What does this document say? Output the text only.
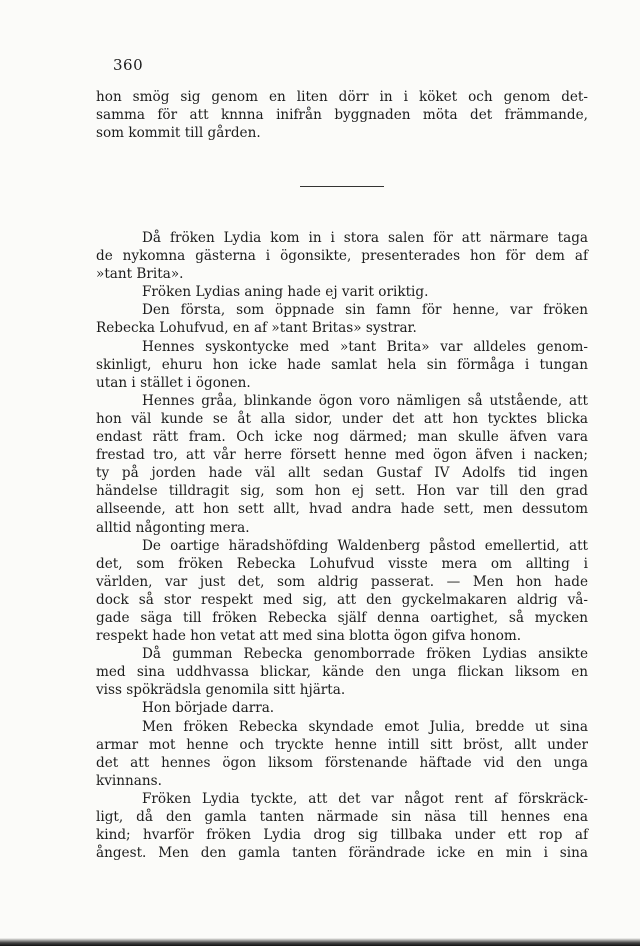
360
hon smög sig genom en liten dörr in i köket och genom det-
samma för att knnna inifrån byggnaden möta det främmande,
som kommit till gården.
Då fröken Lydia kom in i stora salen för att närmare taga
de nykomna gästerna i ögonsikte, presenterades hon för dem af
»tant Brita».
Fröken Lydias aning hade ej varit oriktig.
Den första, som öppnade sin famn för henne, var fröken
Rebecka Lohufvud, en af »tant Britas» systrar.
Hennes syskontycke med »tant Brita» var alldeles genom-
skinligt, ehuru hon icke hade samlat hela sin förmåga i tungan
utan i stället i ögonen.
Hennes gråa, blinkande ögon voro nämligen så utstående, att
hon väl kunde se åt alla sidor, under det att hon tycktes blicka
endast rätt fram. Och icke nog därmed; man skulle äfven vara
frestad tro, att vår herre försett henne med ögon äfven i nacken;
ty på jorden hade väl allt sedan Gustaf IV Adolfs tid ingen
händelse tilldragit sig, som hon ej sett. Hon var till den grad
allseende, att hon sett allt, hvad andra hade sett, men dessutom
alltid någonting mera.
De oartige häradshöfding Waldenberg påstod emellertid, att
det, som fröken Rebecka Lohufvud visste mera om allting i
världen, var just det, som aldrig passerat. — Men hon hade
dock så stor respekt med sig, att den gyckelmakaren aldrig vå-
gade säga till fröken Rebecka själf denna oartighet, så mycken
respekt hade hon vetat att med sina blotta ögon gifva honom.
Då gumman Rebecka genomborrade fröken Lydias ansikte
med sina uddhvassa blickar, kände den unga flickan liksom en
viss spökrädsla genomila sitt hjärta.
Hon började darra.
Men fröken Rebecka skyndade emot Julia, bredde ut sina
armar mot henne och tryckte henne intill sitt bröst, allt under
det att hennes ögon liksom förstenande häftade vid den unga
kvinnans.
Fröken Lydia tyckte, att det var något rent af förskräck-
ligt, då den gamla tanten närmade sin näsa till hennes ena
kind; hvarför fröken Lydia drog sig tillbaka under ett rop af
ångest. Men den gamla tanten förändrade icke en min i sina
